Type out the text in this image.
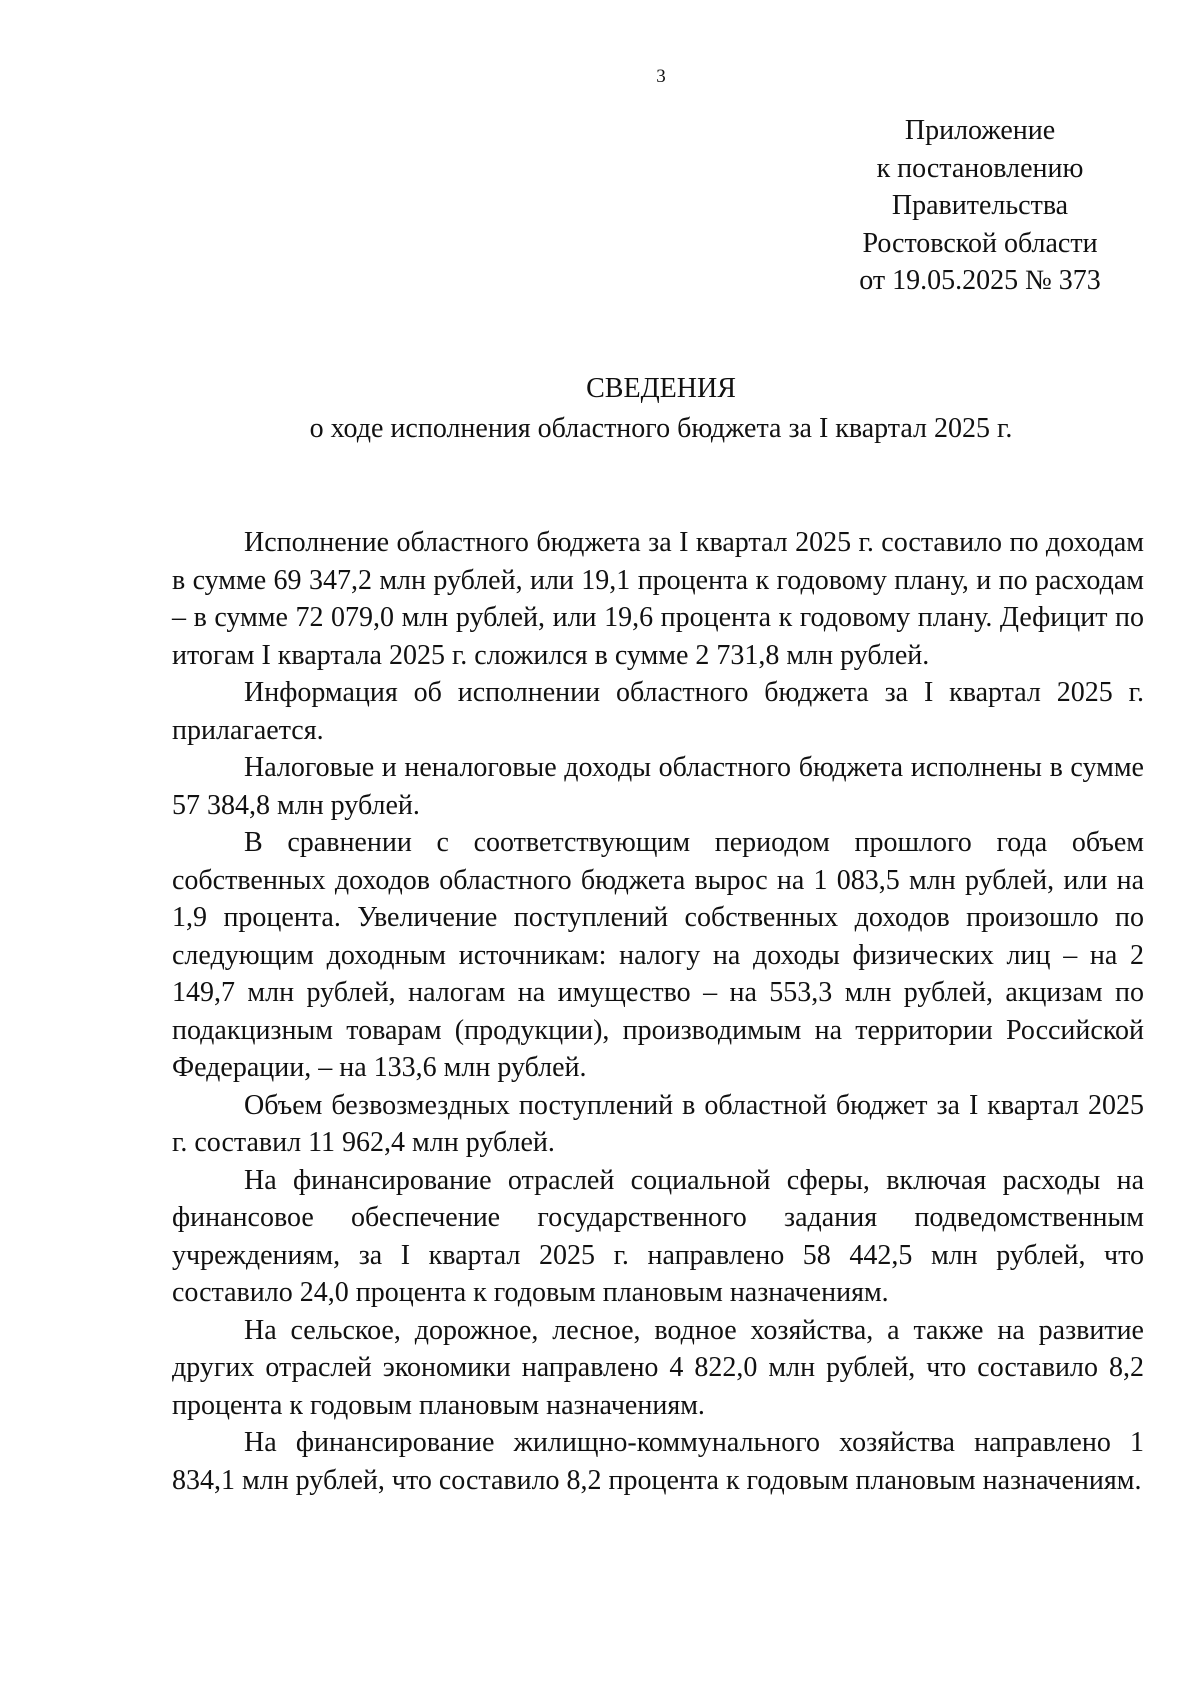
3
Приложение
к постановлению
Правительства
Ростовской области
от 19.05.2025 № 373
СВЕДЕНИЯ
о ходе исполнения областного бюджета за I квартал 2025 г.

Исполнение областного бюджета за I квартал 2025 г. составило по доходам в сумме 69 347,2 млн рублей, или 19,1 процента к годовому плану, и по расходам – в сумме 72 079,0 млн рублей, или 19,6 процента к годовому плану. Дефицит по итогам I квартала 2025 г. сложился в сумме 2 731,8 млн рублей.

Информация об исполнении областного бюджета за I квартал 2025 г. прилагается.

Налоговые и неналоговые доходы областного бюджета исполнены в сумме 57 384,8 млн рублей.

В сравнении с соответствующим периодом прошлого года объем собственных доходов областного бюджета вырос на 1 083,5 млн рублей, или на 1,9 процента. Увеличение поступлений собственных доходов произошло по следующим доходным источникам: налогу на доходы физических лиц – на 2 149,7 млн рублей, налогам на имущество – на 553,3 млн рублей, акцизам по подакцизным товарам (продукции), производимым на территории Российской Федерации, – на 133,6 млн рублей.

Объем безвозмездных поступлений в областной бюджет за I квартал 2025 г. составил 11 962,4 млн рублей.

На финансирование отраслей социальной сферы, включая расходы на финансовое обеспечение государственного задания подведомственным учреждениям, за I квартал 2025 г. направлено 58 442,5 млн рублей, что составило 24,0 процента к годовым плановым назначениям.

На сельское, дорожное, лесное, водное хозяйства, а также на развитие других отраслей экономики направлено 4 822,0 млн рублей, что составило 8,2 процента к годовым плановым назначениям.

На финансирование жилищно-коммунального хозяйства направлено 1 834,1 млн рублей, что составило 8,2 процента к годовым плановым назначениям.
